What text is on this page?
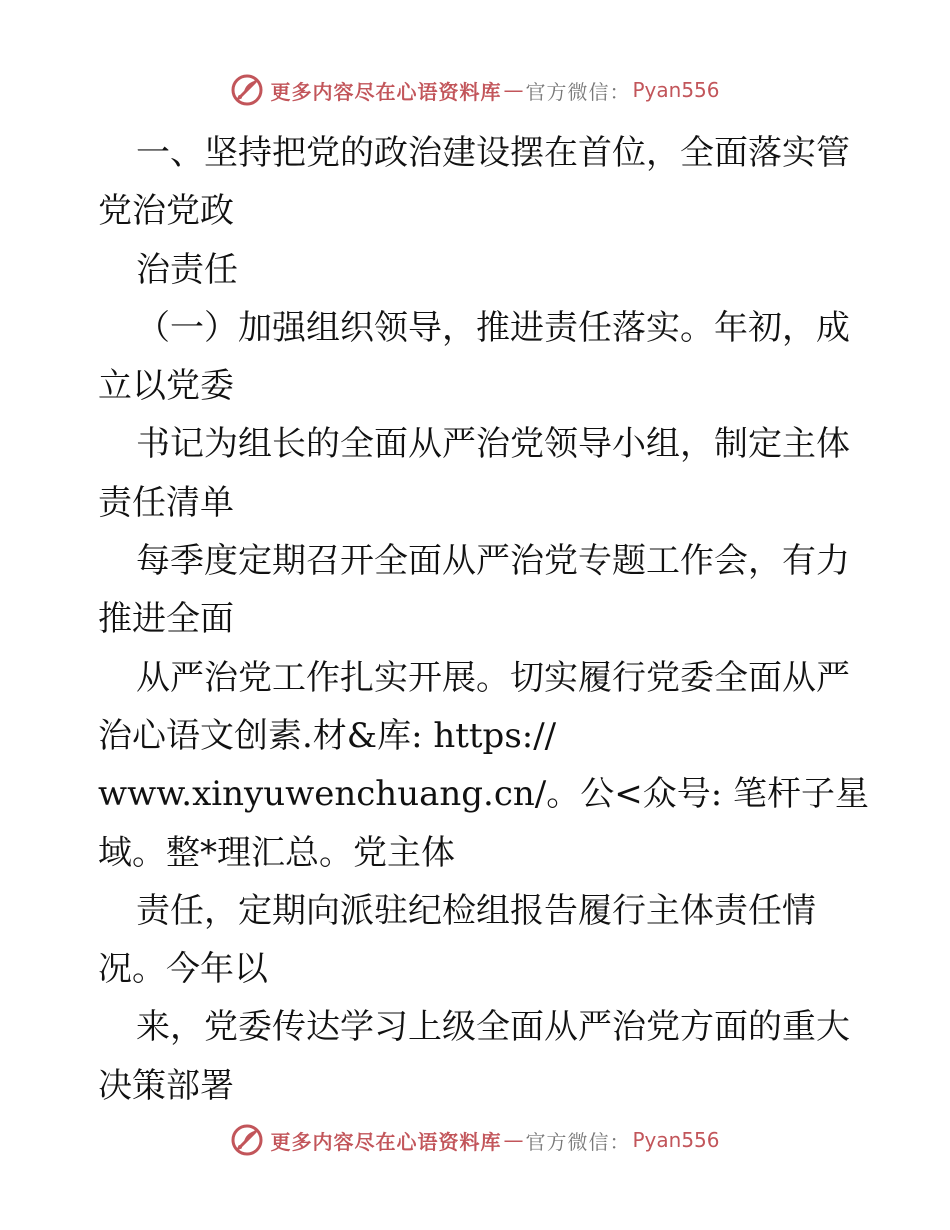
更多内容尽在心语资料库 — 官方微信： Pyan556
一、坚持把党的政治建设摆在首位，全面落实管
党治党政
治责任
（一）加强组织领导，推进责任落实。年初，成
立以党委
书记为组长的全面从严治党领导小组，制定主体
责任清单
每季度定期召开全面从严治党专题工作会，有力
推进全面
从严治党工作扎实开展。切实履行党委全面从严
治心语文创素.材&库: https://
www.xinyuwenchuang.cn/。公<众号: 笔杆子星
域。整*理汇总。党主体
责任，定期向派驻纪检组报告履行主体责任情
况。今年以
来，党委传达学习上级全面从严治党方面的重大
决策部署
更多内容尽在心语资料库 — 官方微信： Pyan556
